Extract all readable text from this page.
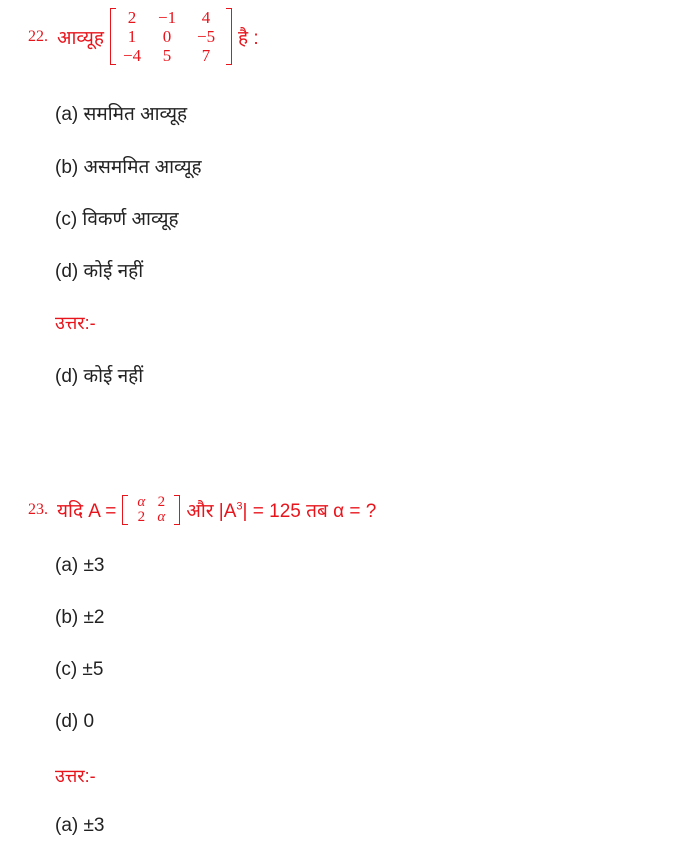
22. आव्यूह
2	−1	4
1	0	−5
−4	5	7
है :
(a) सममित आव्यूह
(b) असममित आव्यूह
(c) विकर्ण आव्यूह
(d) कोई नहीं
उत्तर:-
(d) कोई नहीं
23. यदि A =	α 2
2 α	और $|A^3| = 125$ तब α = ?
(a) ±3
(b) ±2
(c) ±5
(d) 0
उत्तर:-
(a) ±3
